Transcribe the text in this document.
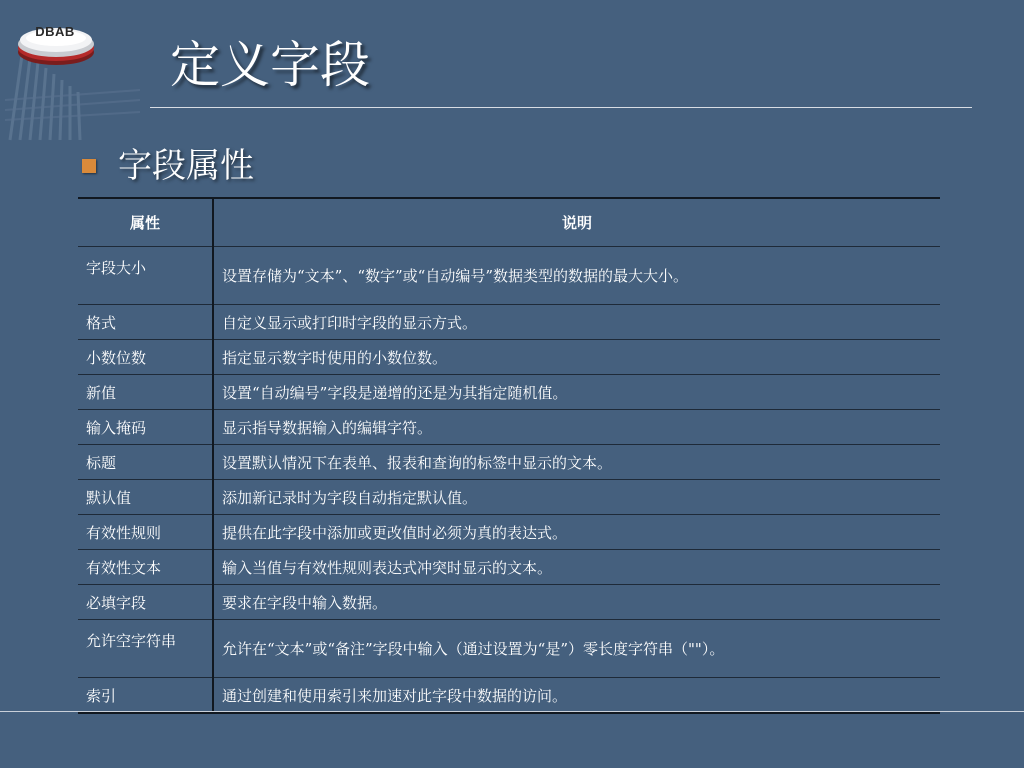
DBAB
定义字段
字段属性
属性	说明
字段大小	设置存储为“文本”、“数字”或“自动编号”数据类型的数据的最大大小。
格式	自定义显示或打印时字段的显示方式。
小数位数	指定显示数字时使用的小数位数。
新值	设置“自动编号”字段是递增的还是为其指定随机值。
输入掩码	显示指导数据输入的编辑字符。
标题	设置默认情况下在表单、报表和查询的标签中显示的文本。
默认值	添加新记录时为字段自动指定默认值。
有效性规则	提供在此字段中添加或更改值时必须为真的表达式。
有效性文本	输入当值与有效性规则表达式冲突时显示的文本。
必填字段	要求在字段中输入数据。
允许空字符串	允许在“文本”或“备注”字段中输入（通过设置为“是”）零长度字符串（""）。
索引	通过创建和使用索引来加速对此字段中数据的访问。
